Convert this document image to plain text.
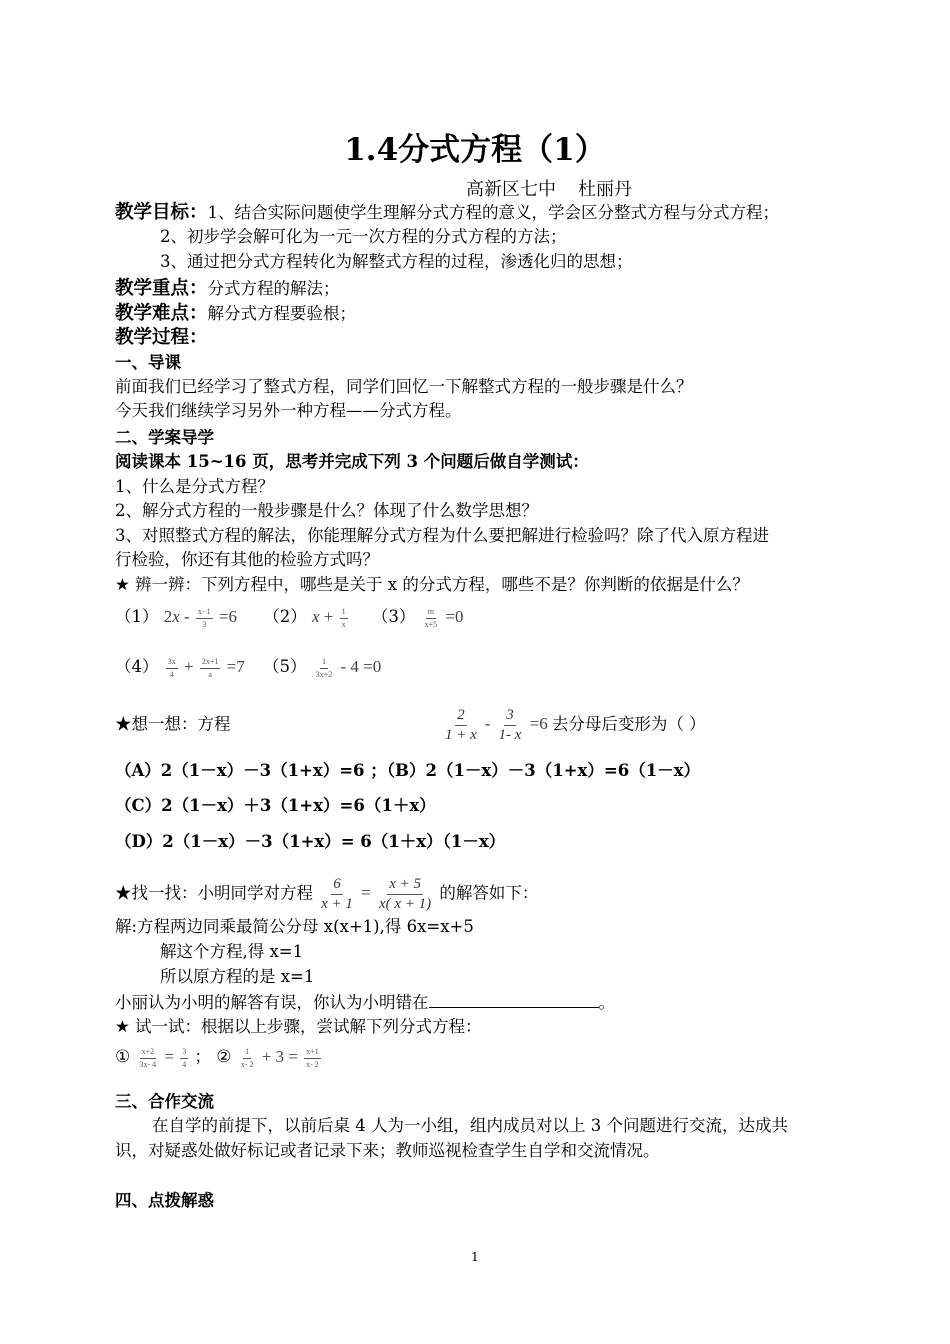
1.4分式方程（1）
高新区七中 杜丽丹
教学目标：1、结合实际问题使学生理解分式方程的意义，学会区分整式方程与分式方程；
2、初步学会解可化为一元一次方程的分式方程的方法；
3、通过把分式方程转化为解整式方程的过程，渗透化归的思想；
教学重点：分式方程的解法；
教学难点：解分式方程要验根；
教学过程：
一、导课
前面我们已经学习了整式方程，同学们回忆一下解整式方程的一般步骤是什么？
今天我们继续学习另外一种方程——分式方程。
二、学案导学
阅读课本 15~16 页，思考并完成下列 3 个问题后做自学测试：
1、什么是分式方程？
2、解分式方程的一般步骤是什么？体现了什么数学思想？
3、对照整式方程的解法，你能理解分式方程为什么要把解进行检验吗？除了代入原方程进
行检验，你还有其他的检验方式吗？
★ 辨一辨：下列方程中，哪些是关于 x 的分式方程，哪些不是？你判断的依据是什么？
（1） $2x - \frac{x- 1}{3} =6$ （2） $x + \frac{1}{x} (3) \frac{m}{x+5} =0$
$(4) \frac{3x}{4} + \frac{2x+1}{a} =7$ $(5) \frac{1}{3x+2} - 4 =0$
★想一想：方程	$\frac{2}{1 + x} - \frac{3}{1- x} =6$ 去分母后变形为（ ）
（A）2（1－x）－3（1+x）=6 ；（B）2（1－x）－3（1+x）=6（1－x）
（C）2（1－x）＋3（1+x）=6（1＋x）
（D）2（1－x）－3（1+x）= 6（1＋x）（1－x）
★找一找：小明同学对方程 $\frac{6}{x + 1} = \frac{x + 5}{x( x + 1)}$ 的解答如下：
解:方程两边同乘最简公分母 x(x+1),得 6x=x+5
解这个方程,得 x=1
所以原方程的是 x=1
小丽认为小明的解答有误，你认为小明错在	。
★ 试一试：根据以上步骤，尝试解下列分式方程：
① $\frac{x+2}{3x- 4} = \frac{3}{4}$ ； ② $\frac{1}{x- 2} + 3 = \frac{x+1}{x- 2}$
三、合作交流
在自学的前提下，以前后桌 4 人为一小组，组内成员对以上 3 个问题进行交流，达成共
识，对疑惑处做好标记或者记录下来；教师巡视检查学生自学和交流情况。
四、点拨解惑
1
